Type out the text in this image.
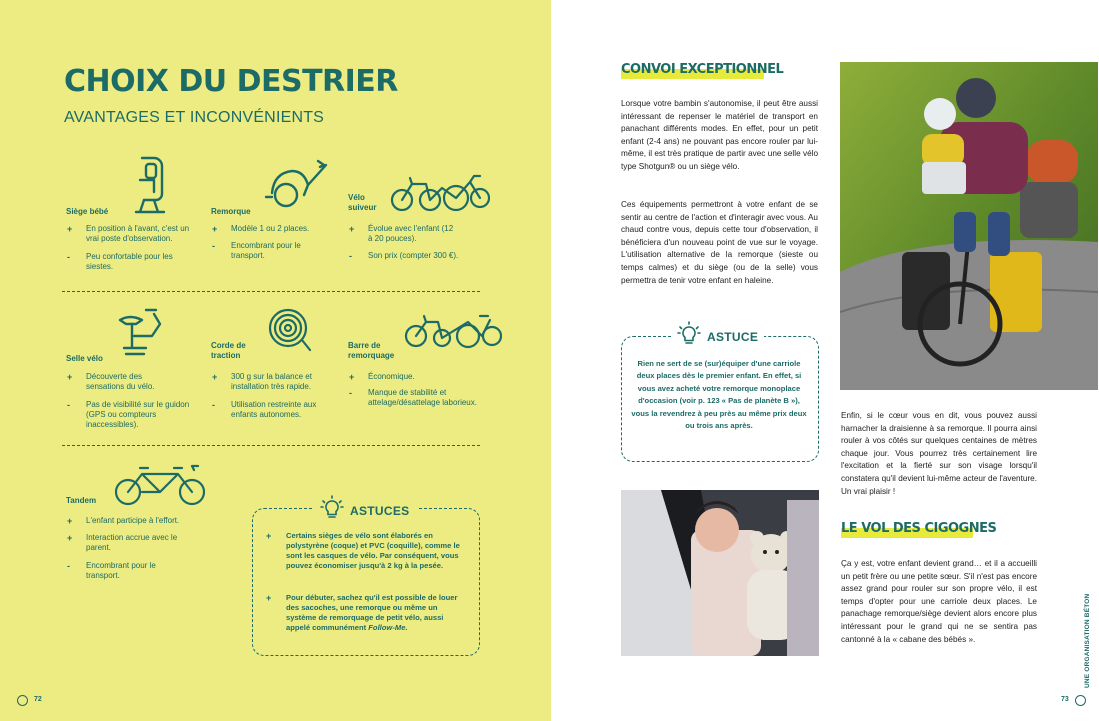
CHOIX DU DESTRIER
AVANTAGES ET INCONVÉNIENTS
Siège bébé	Remorque
Vélo suiveur
+ En position à l'avant, c'est un vrai poste d'observation.
- Peu confortable pour les siestes.
+ Modèle 1 ou 2 places.
- Encombrant pour le transport.
+ Évolue avec l'enfant (12 à 20 pouces).
- Son prix (compter 300 €).
Selle vélo
Corde de traction
Barre de remorquage
+ Découverte des sensations du vélo.
- Pas de visibilité sur le guidon (GPS ou compteurs inaccessibles).
+ 300 g sur la balance et installation très rapide.
- Utilisation restreinte aux enfants autonomes.
+ Économique.
- Manque de stabilité et attelage/désattelage laborieux.
Tandem
+ L'enfant participe à l'effort.
+ Interaction accrue avec le parent.
- Encombrant pour le transport.
ASTUCES
+ Certains sièges de vélo sont élaborés en polystyrène (coque) et PVC (coquille), comme le sont les casques de vélo. Par conséquent, vous pouvez économiser jusqu'à 2 kg à la pesée.
+ Pour débuter, sachez qu'il est possible de louer des sacoches, une remorque ou même un système de remorquage de petit vélo, aussi appelé communément Follow-Me.
72
CONVOI EXCEPTIONNEL
Lorsque votre bambin s'autonomise, il peut être aussi intéressant de repenser le matériel de transport en panachant différents modes. En effet, pour un petit enfant (2-4 ans) ne pouvant pas encore rouler par lui-même, il est très pratique de partir avec une selle vélo type Shotgun® ou un siège vélo.
Ces équipements permettront à votre enfant de se sentir au centre de l'action et d'interagir avec vous. Au chaud contre vous, depuis cette tour d'observation, il bénéficiera d'un nouveau point de vue sur le voyage. L'utilisation alternative de la remorque (sieste ou temps calmes) et du siège (ou de la selle) vous permettra de tenir votre enfant en haleine.
ASTUCE
Rien ne sert de se (sur)équiper d'une carriole deux places dès le premier enfant. En effet, si vous avez acheté votre remorque monoplace d'occasion (voir p. 123 « Pas de planète B »), vous la revendrez à peu près au même prix deux ou trois ans après.
Enfin, si le cœur vous en dit, vous pouvez aussi harnacher la draisienne à sa remorque. Il pourra ainsi rouler à vos côtés sur quelques centaines de mètres chaque jour. Vous pourrez très certainement lire l'excitation et la fierté sur son visage lorsqu'il constatera qu'il devient lui-même acteur de l'aventure. Un vrai plaisir !
LE VOL DES CIGOGNES
Ça y est, votre enfant devient grand… et il a accueilli un petit frère ou une petite sœur. S'il n'est pas encore assez grand pour rouler sur son propre vélo, il est temps d'opter pour une carriole deux places. Le panachage remorque/siège devient alors encore plus intéressant pour le grand qui ne se sentira pas cantonné à la « cabane des bébés ».	UNE ORGANISATION BÉTON
73
